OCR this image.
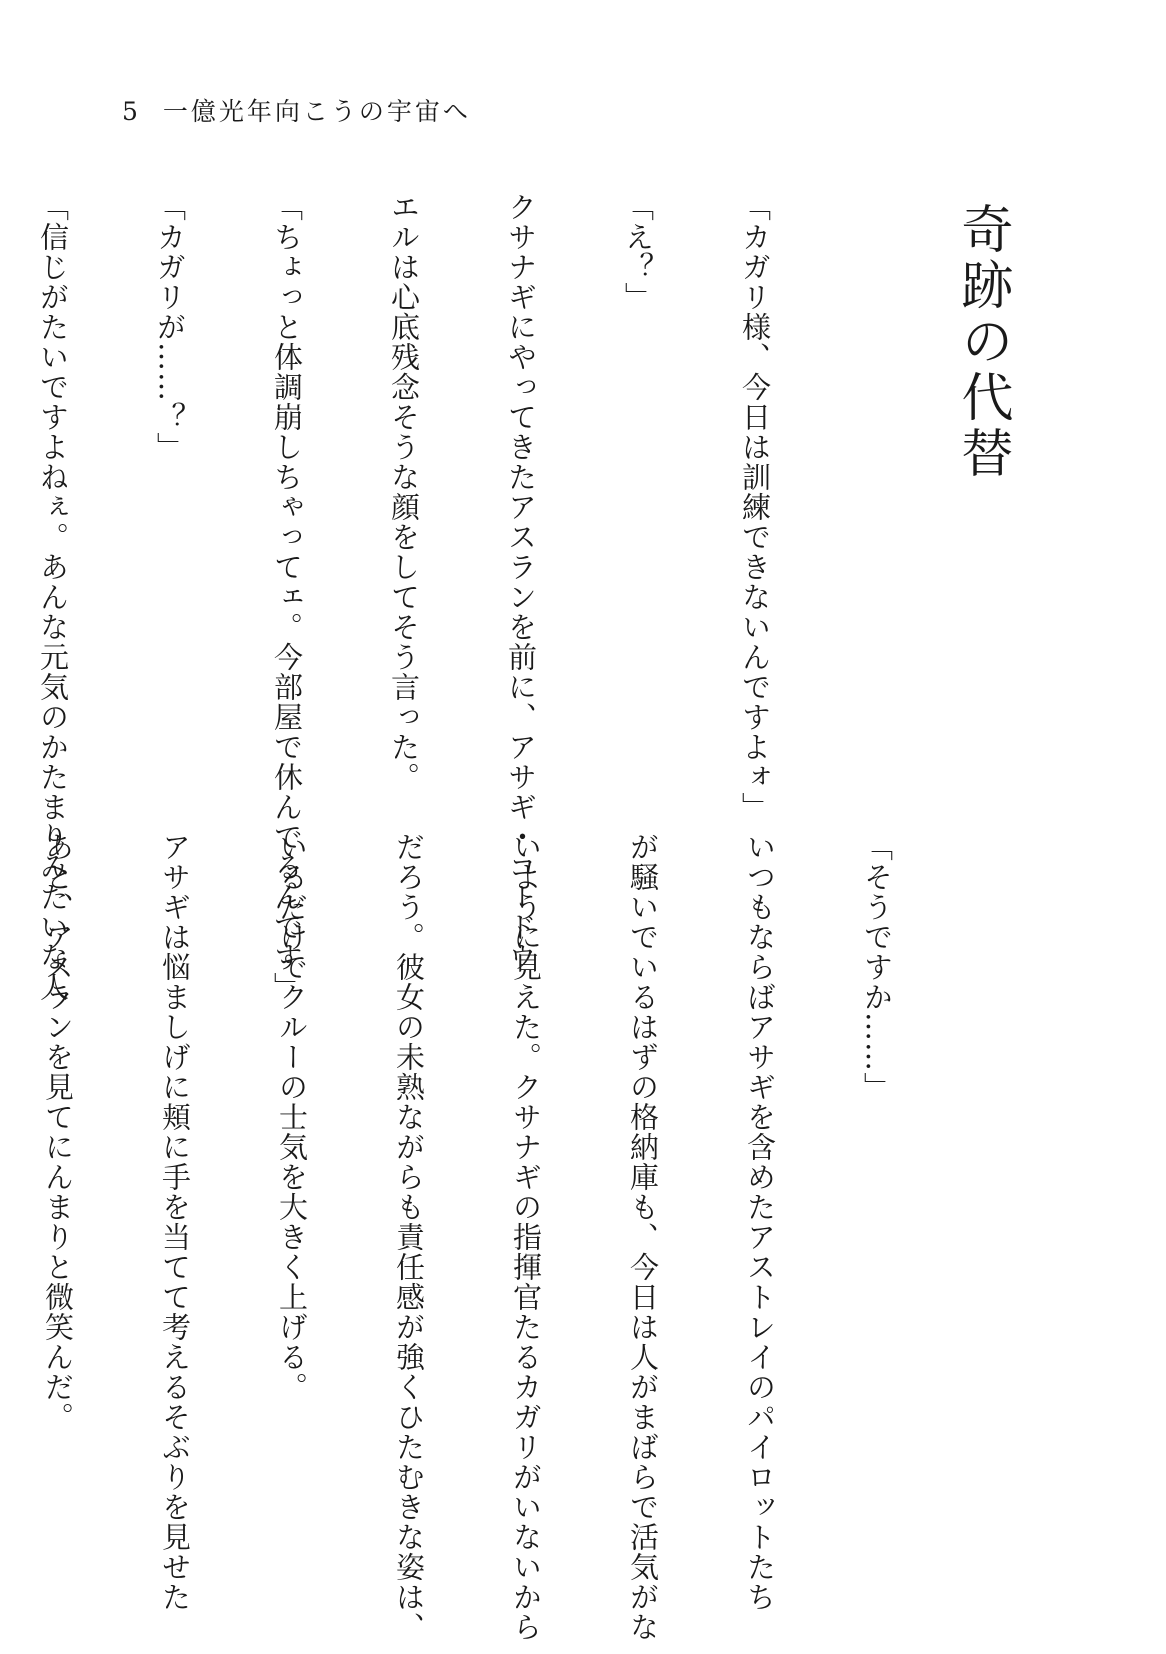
5 一億光年向こうの宇宙へ
奇跡の代替

「カガリ様、今日は訓練できないんですよォ」

「え？」

クサナギにやってきたアスランを前に、アサギ・コードウ

エルは心底残念そうな顔をしてそう言った。

「ちょっと体調崩しちゃってェ。今部屋で休んでるんです」

「カガリが……？」

「信じがたいですよねぇ。あんな元気のかたまりみたいな人

	「そうですか……」

いつもならばアサギを含めたアストレイのパイロットたち

が騒いでいるはずの格納庫も、今日は人がまばらで活気がな

いように見えた。クサナギの指揮官たるカガリがいないから

だろう。彼女の未熟ながらも責任感が強くひたむきな姿は、

いるだけでクルーの士気を大きく上げる。

アサギは悩ましげに頬に手を当てて考えるそぶりを見せた

あと、アスランを見てにんまりと微笑んだ。
